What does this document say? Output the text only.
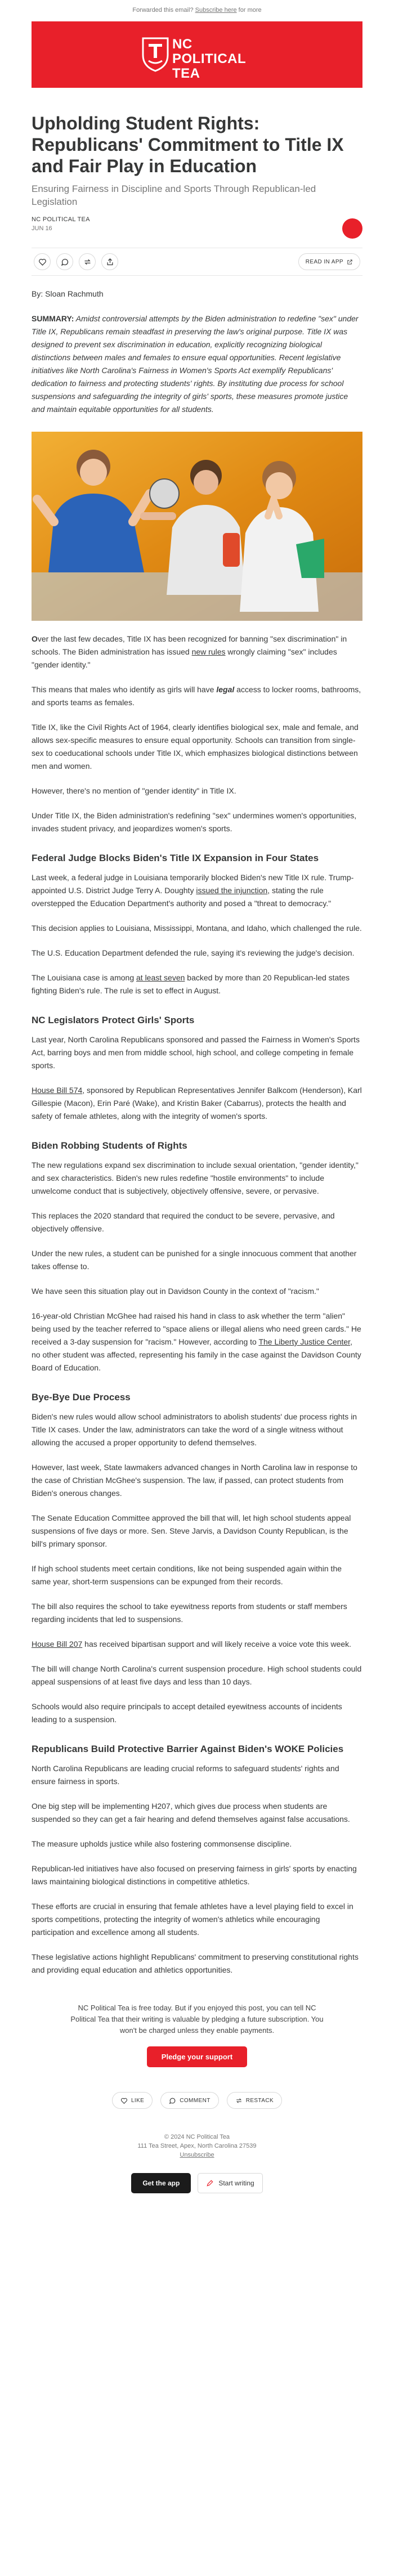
Forwarded this email? Subscribe here for more
NC POLITICAL TEA
Upholding Student Rights: Republicans' Commitment to Title IX and Fair Play in Education
Ensuring Fairness in Discipline and Sports Through Republican-led Legislation
NC POLITICAL TEA
JUN 16
READ IN APP

By: Sloan Rachmuth

SUMMARY: Amidst controversial attempts by the Biden administration to redefine "sex" under Title IX, Republicans remain steadfast in preserving the law's original purpose. Title IX was designed to prevent sex discrimination in education, explicitly recognizing biological distinctions between males and females to ensure equal opportunities. Recent legislative initiatives like North Carolina's Fairness in Women's Sports Act exemplify Republicans' dedication to fairness and protecting students' rights. By instituting due process for school suspensions and safeguarding the integrity of girls' sports, these measures promote justice and maintain equitable opportunities for all students.

Over the last few decades, Title IX has been recognized for banning "sex discrimination" in schools. The Biden administration has issued new rules wrongly claiming "sex" includes "gender identity."

This means that males who identify as girls will have legal access to locker rooms, bathrooms, and sports teams as females.

Title IX, like the Civil Rights Act of 1964, clearly identifies biological sex, male and female, and allows sex-specific measures to ensure equal opportunity. Schools can transition from single-sex to coeducational schools under Title IX, which emphasizes biological distinctions between men and women.

However, there's no mention of "gender identity" in Title IX.

Under Title IX, the Biden administration's redefining "sex" undermines women's opportunities, invades student privacy, and jeopardizes women's sports.

Federal Judge Blocks Biden's Title IX Expansion in Four States

Last week, a federal judge in Louisiana temporarily blocked Biden's new Title IX rule. Trump-appointed U.S. District Judge Terry A. Doughty issued the injunction, stating the rule overstepped the Education Department's authority and posed a "threat to democracy."

This decision applies to Louisiana, Mississippi, Montana, and Idaho, which challenged the rule.

The U.S. Education Department defended the rule, saying it's reviewing the judge's decision.

The Louisiana case is among at least seven backed by more than 20 Republican-led states fighting Biden's rule. The rule is set to effect in August.

NC Legislators Protect Girls' Sports

Last year, North Carolina Republicans sponsored and passed the Fairness in Women's Sports Act, barring boys and men from middle school, high school, and college competing in female sports.

House Bill 574, sponsored by Republican Representatives Jennifer Balkcom (Henderson), Karl Gillespie (Macon), Erin Paré (Wake), and Kristin Baker (Cabarrus), protects the health and safety of female athletes, along with the integrity of women's sports.

Biden Robbing Students of Rights

The new regulations expand sex discrimination to include sexual orientation, "gender identity," and sex characteristics. Biden's new rules redefine "hostile environments" to include unwelcome conduct that is subjectively, objectively offensive, severe, or pervasive.

This replaces the 2020 standard that required the conduct to be severe, pervasive, and objectively offensive.

Under the new rules, a student can be punished for a single innocuous comment that another takes offense to.

We have seen this situation play out in Davidson County in the context of "racism."

16-year-old Christian McGhee had raised his hand in class to ask whether the term "alien" being used by the teacher referred to "space aliens or illegal aliens who need green cards." He received a 3-day suspension for "racism." However, according to The Liberty Justice Center, no other student was affected, representing his family in the case against the Davidson County Board of Education.

Bye-Bye Due Process

Biden's new rules would allow school administrators to abolish students' due process rights in Title IX cases. Under the law, administrators can take the word of a single witness without allowing the accused a proper opportunity to defend themselves.

However, last week, State lawmakers advanced changes in North Carolina law in response to the case of Christian McGhee's suspension. The law, if passed, can protect students from Biden's onerous changes.

The Senate Education Committee approved the bill that will, let high school students appeal suspensions of five days or more. Sen. Steve Jarvis, a Davidson County Republican, is the bill's primary sponsor.

If high school students meet certain conditions, like not being suspended again within the same year, short-term suspensions can be expunged from their records.

The bill also requires the school to take eyewitness reports from students or staff members regarding incidents that led to suspensions.

House Bill 207 has received bipartisan support and will likely receive a voice vote this week.

The bill will change North Carolina's current suspension procedure. High school students could appeal suspensions of at least five days and less than 10 days.

Schools would also require principals to accept detailed eyewitness accounts of incidents leading to a suspension.

Republicans Build Protective Barrier Against Biden's WOKE Policies

North Carolina Republicans are leading crucial reforms to safeguard students' rights and ensure fairness in sports.

One big step will be implementing H207, which gives due process when students are suspended so they can get a fair hearing and defend themselves against false accusations.

The measure upholds justice while also fostering commonsense discipline.

Republican-led initiatives have also focused on preserving fairness in girls' sports by enacting laws maintaining biological distinctions in competitive athletics.

These efforts are crucial in ensuring that female athletes have a level playing field to excel in sports competitions, protecting the integrity of women's athletics while encouraging participation and excellence among all students.

These legislative actions highlight Republicans' commitment to preserving constitutional rights and providing equal education and athletics opportunities.

NC Political Tea is free today. But if you enjoyed this post, you can tell NC Political Tea that their writing is valuable by pledging a future subscription. You won't be charged unless they enable payments.
Pledge your support
LIKE	COMMENT	RESTACK
© 2024 NC Political Tea
111 Tea Street, Apex, North Carolina 27539
Unsubscribe
Get the app	Start writing
